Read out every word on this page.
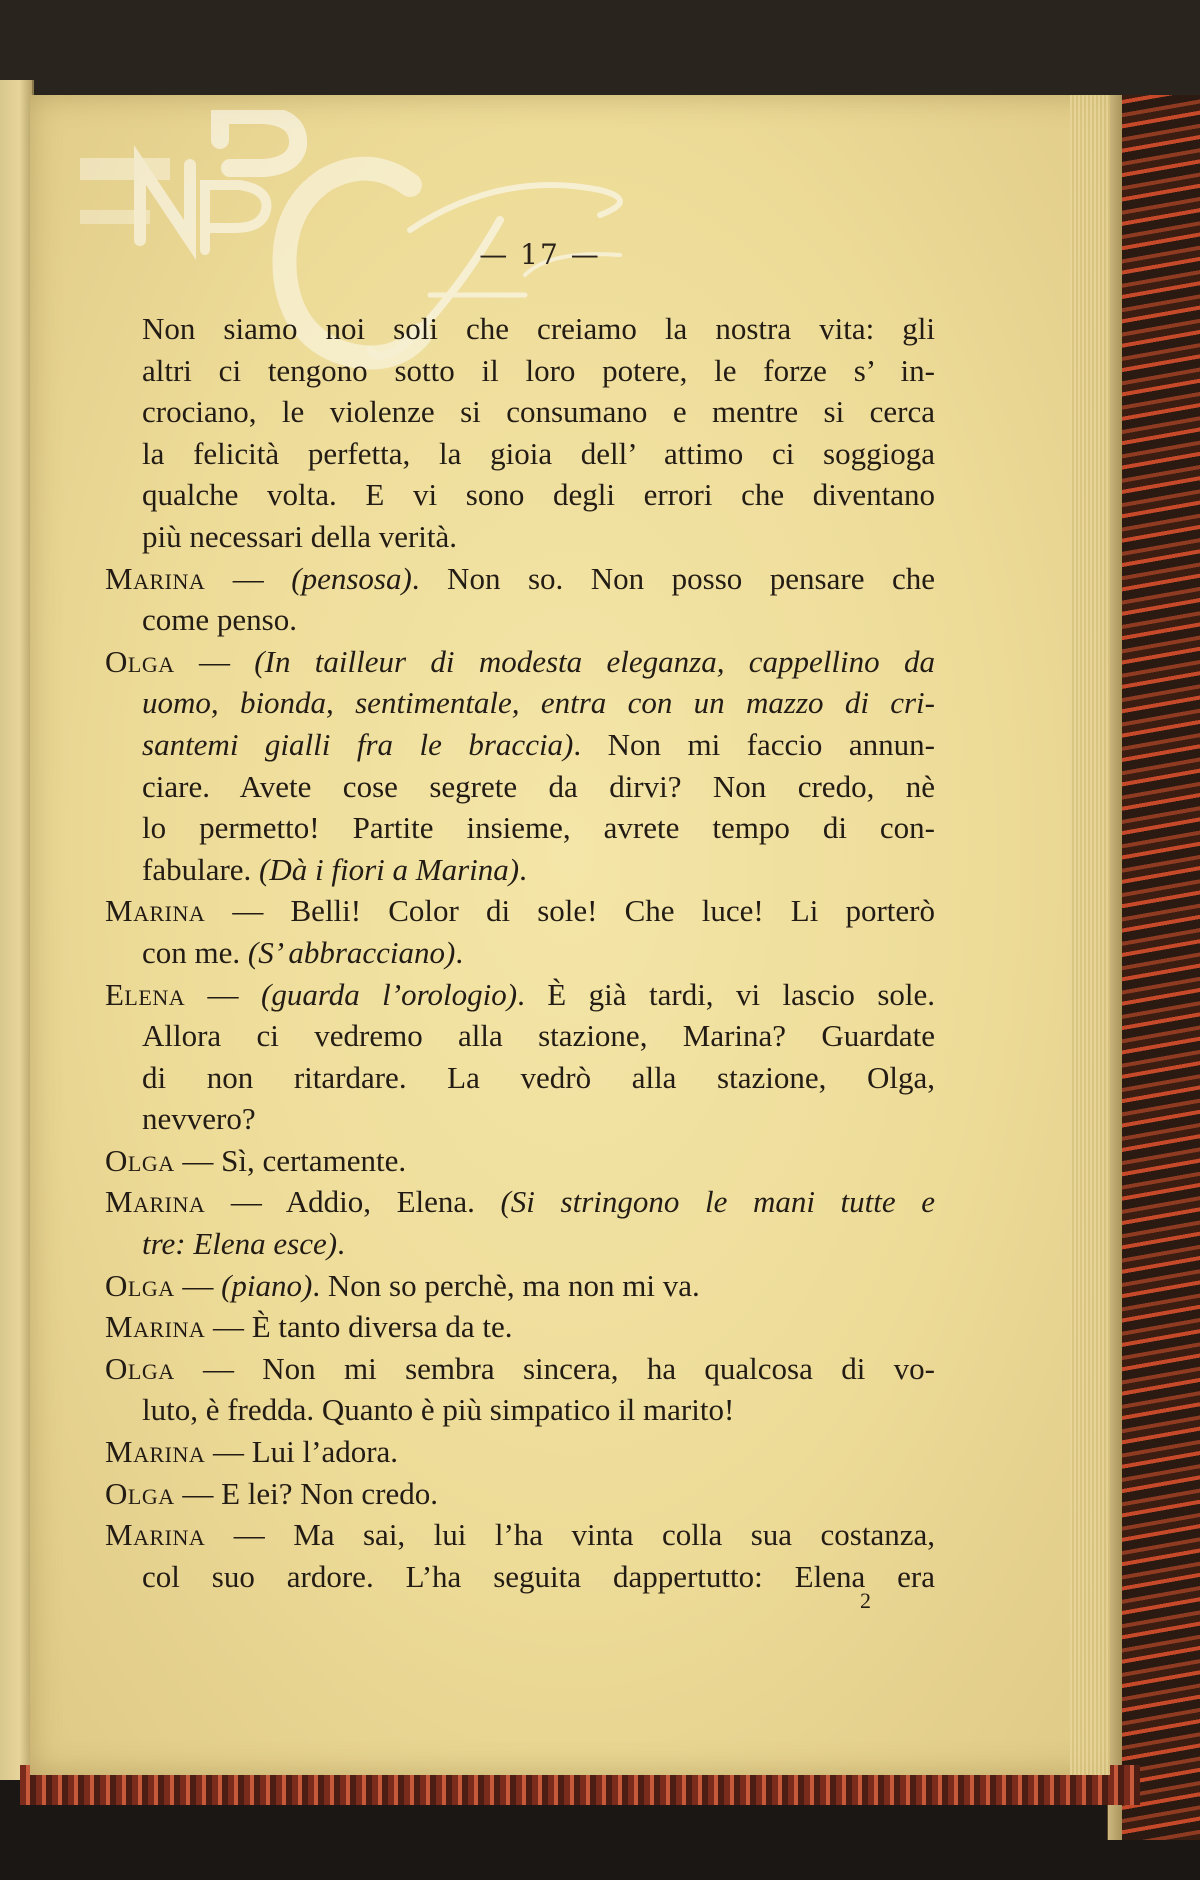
— 17 —
Non siamo noi soli che creiamo la nostra vita: gli
altri ci tengono sotto il loro potere, le forze s’ in-
crociano, le violenze si consumano e mentre si cerca
la felicità perfetta, la gioia dell’ attimo ci soggioga
qualche volta. E vi sono degli errori che diventano
più necessari della verità.
Marina — (pensosa). Non so. Non posso pensare che
come penso.
Olga — (In tailleur di modesta eleganza, cappellino da
uomo, bionda, sentimentale, entra con un mazzo di cri-
santemi gialli fra le braccia). Non mi faccio annun-
ciare. Avete cose segrete da dirvi? Non credo, nè
lo permetto! Partite insieme, avrete tempo di con-
fabulare. (Dà i fiori a Marina).
Marina — Belli! Color di sole! Che luce! Li porterò
con me. (S’ abbracciano).
Elena — (guarda l’orologio). È già tardi, vi lascio sole.
Allora ci vedremo alla stazione, Marina? Guardate
di non ritardare. La vedrò alla stazione, Olga,
nevvero?
Olga — Sì, certamente.
Marina — Addio, Elena. (Si stringono le mani tutte e
tre: Elena esce).
Olga — (piano). Non so perchè, ma non mi va.
Marina — È tanto diversa da te.
Olga — Non mi sembra sincera, ha qualcosa di vo-
luto, è fredda. Quanto è più simpatico il marito!
Marina — Lui l’adora.
Olga — E lei? Non credo.
Marina — Ma sai, lui l’ha vinta colla sua costanza,
col suo ardore. L’ha seguita dappertutto: Elena era
2
